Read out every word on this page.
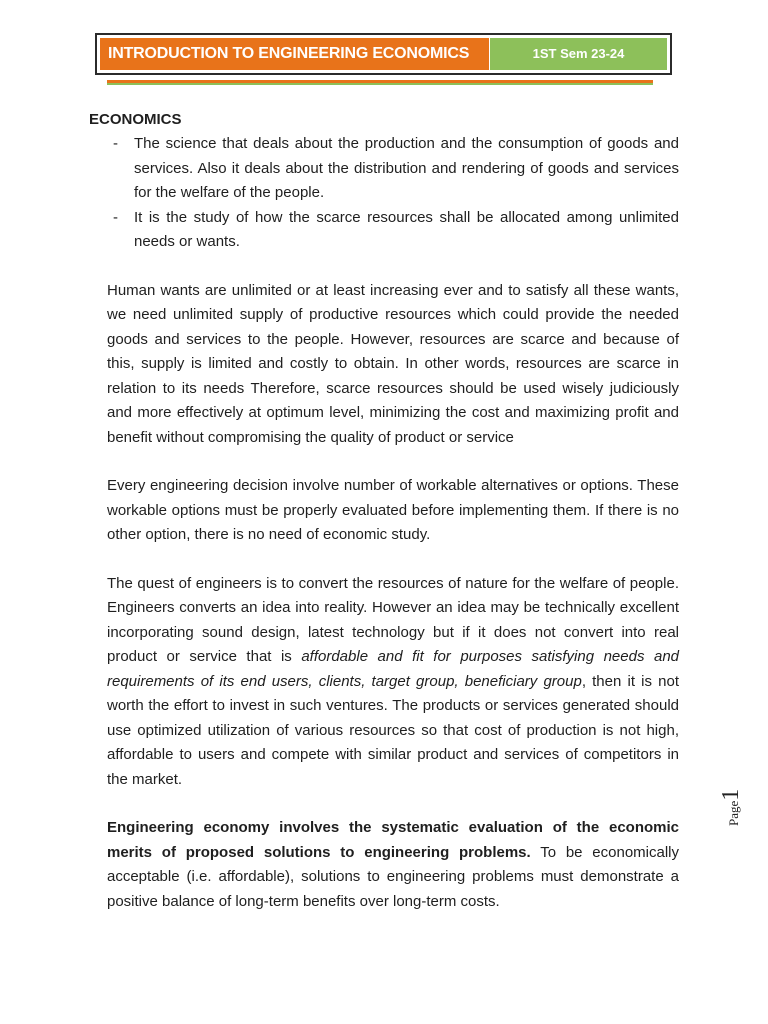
INTRODUCTION TO ENGINEERING ECONOMICS	1ST Sem 23-24

ECONOMICS

- The science that deals about the production and the consumption of goods and services. Also it deals about the distribution and rendering of goods and services for the welfare of the people.
- It is the study of how the scarce resources shall be allocated among unlimited needs or wants.

Human wants are unlimited or at least increasing ever and to satisfy all these wants, we need unlimited supply of productive resources which could provide the needed goods and services to the people. However, resources are scarce and because of this, supply is limited and costly to obtain. In other words, resources are scarce in relation to its needs Therefore, scarce resources should be used wisely judiciously and more effectively at optimum level, minimizing the cost and maximizing profit and benefit without compromising the quality of product or service

Every engineering decision involve number of workable alternatives or options. These workable options must be properly evaluated before implementing them. If there is no other option, there is no need of economic study.

The quest of engineers is to convert the resources of nature for the welfare of people. Engineers converts an idea into reality. However an idea may be technically excellent incorporating sound design, latest technology but if it does not convert into real product or service that is affordable and fit for purposes satisfying needs and requirements of its end users, clients, target group, beneficiary group, then it is not worth the effort to invest in such ventures. The products or services generated should use optimized utilization of various resources so that cost of production is not high, affordable to users and compete with similar product and services of competitors in the market.

Engineering economy involves the systematic evaluation of the economic merits of proposed solutions to engineering problems. To be economically acceptable (i.e. affordable), solutions to engineering problems must demonstrate a positive balance of long-term benefits over long-term costs.

Page1
